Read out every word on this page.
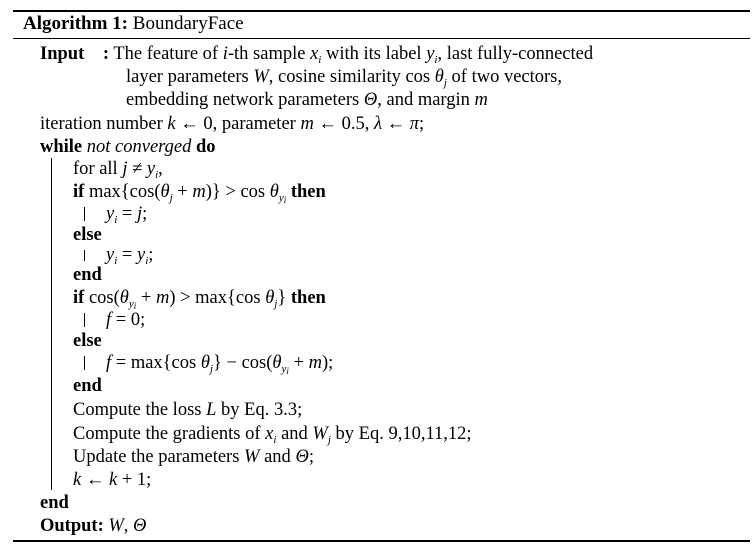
Algorithm 1: BoundaryFace
Input : The feature of i-th sample $x_i$ with its label $y_i$, last fully-connected
layer parameters W, cosine similarity $\cos \theta_j$ of two vectors,
embedding network parameters Θ, and margin m
iteration number k ← 0, parameter m ← 0.5, λ ← π;
while not converged do
for all $j \ne y_i$,
if $\max\{\cos(\theta_j + m)\} > \cos \theta_{y_i}$ then
$y_i = j$;
else
$y_i = y_i$;
end
if $\cos(\theta_{y_i} + m) > \max\{\cos$ $\theta_j$} then
f = 0;
else
f = max{cos $\theta_j\} - \cos(\theta_{y_i} + m)$;
end
Compute the loss L by Eq. 3.3;
Compute the gradients of $x_i$ and $W_j$ by Eq. 9,10,11,12;
Update the parameters W and Θ;
k ← k + 1;
end
Output: W, Θ
